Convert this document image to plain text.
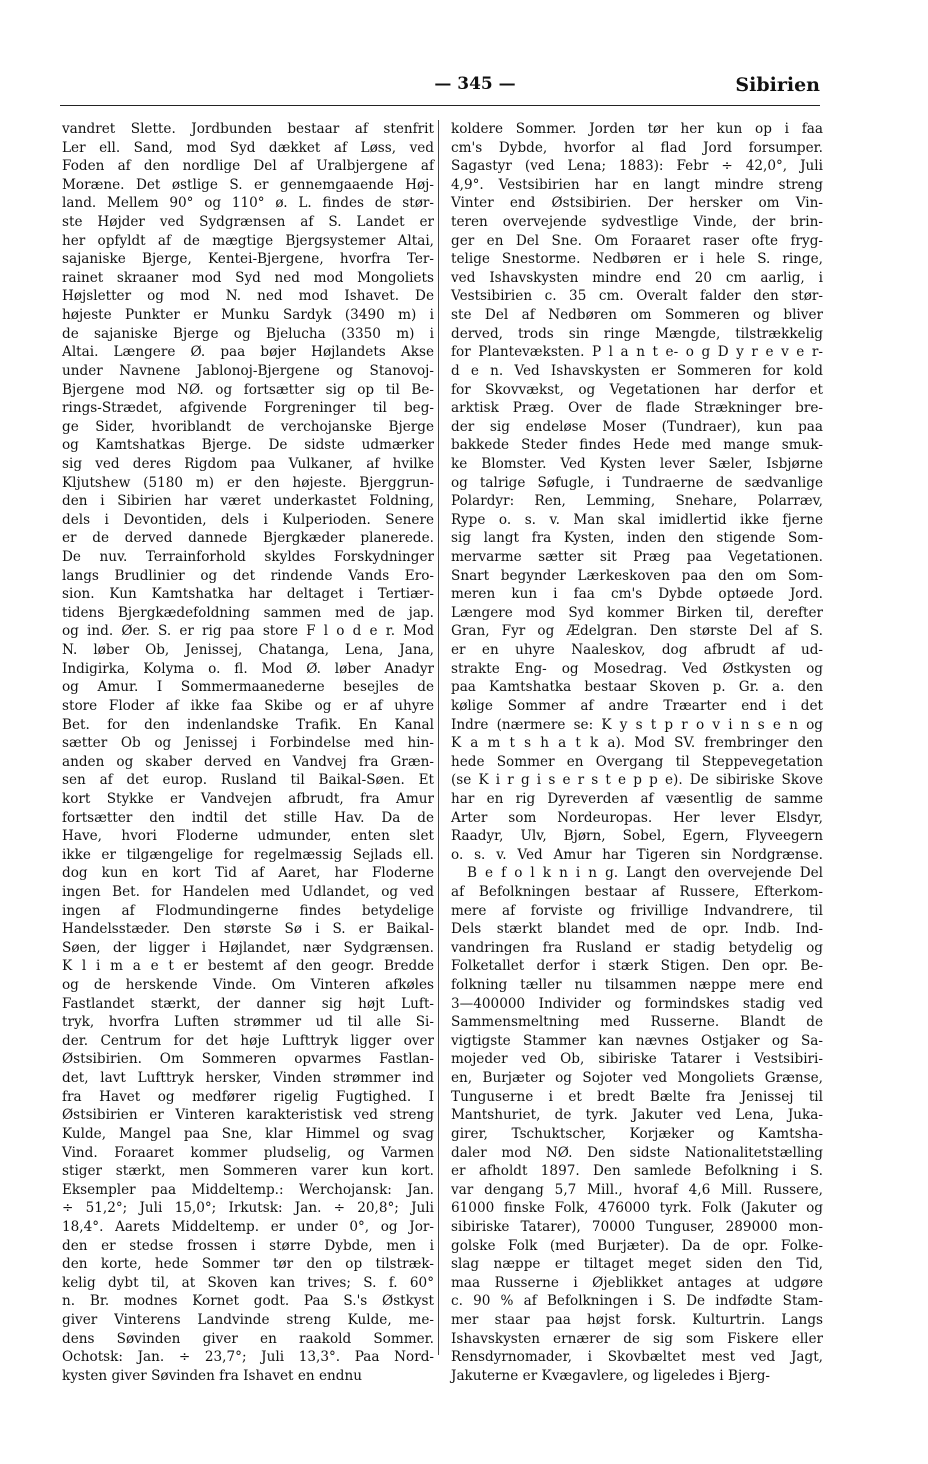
— 345 —	Sibirien
vandret Slette. Jordbunden bestaar af stenfrit
Ler ell. Sand, mod Syd dækket af Løss, ved
Foden af den nordlige Del af Uralbjergene af
Moræne. Det østlige S. er gennemgaaende Høj-
land. Mellem 90° og 110° ø. L. findes de stør-
ste Højder ved Sydgrænsen af S. Landet er
her opfyldt af de mægtige Bjergsystemer Altai,
sajaniske Bjerge, Kentei-Bjergene, hvorfra Ter-
rainet skraaner mod Syd ned mod Mongoliets
Højsletter og mod N. ned mod Ishavet. De
højeste Punkter er Munku Sardyk (3490 m) i
de sajaniske Bjerge og Bjelucha (3350 m) i
Altai. Længere Ø. paa bøjer Højlandets Akse
under Navnene Jablonoj-Bjergene og Stanovoj-
Bjergene mod NØ. og fortsætter sig op til Be-
rings-Strædet, afgivende Forgreninger til beg-
ge Sider, hvoriblandt de verchojanske Bjerge
og Kamtshatkas Bjerge. De sidste udmærker
sig ved deres Rigdom paa Vulkaner, af hvilke
Kljutshew (5180 m) er den højeste. Bjerggrun-
den i Sibirien har været underkastet Foldning,
dels i Devontiden, dels i Kulperioden. Senere
er de derved dannede Bjergkæder planerede.
De nuv. Terrainforhold skyldes Forskydninger
langs Brudlinier og det rindende Vands Ero-
sion. Kun Kamtshatka har deltaget i Tertiær-
tidens Bjergkædefoldning sammen med de jap.
og ind. Øer. S. er rig paa store F l o d e r. Mod
N. løber Ob, Jenissej, Chatanga, Lena, Jana,
Indigirka, Kolyma o. fl. Mod Ø. løber Anadyr
og Amur. I Sommermaanederne besejles de
store Floder af ikke faa Skibe og er af uhyre
Bet. for den indenlandske Trafik. En Kanal
sætter Ob og Jenissej i Forbindelse med hin-
anden og skaber derved en Vandvej fra Græn-
sen af det europ. Rusland til Baikal-Søen. Et
kort Stykke er Vandvejen afbrudt, fra Amur
fortsætter den indtil det stille Hav. Da de
Have, hvori Floderne udmunder, enten slet
ikke er tilgængelige for regelmæssig Sejlads ell.
dog kun en kort Tid af Aaret, har Floderne
ingen Bet. for Handelen med Udlandet, og ved
ingen af Flodmundingerne findes betydelige
Handelsstæder. Den største Sø i S. er Baikal-
Søen, der ligger i Højlandet, nær Sydgrænsen.
K l i m a e t er bestemt af den geogr. Bredde
og de herskende Vinde. Om Vinteren afkøles
Fastlandet stærkt, der danner sig højt Luft-
tryk, hvorfra Luften strømmer ud til alle Si-
der. Centrum for det høje Lufttryk ligger over
Østsibirien. Om Sommeren opvarmes Fastlan-
det, lavt Lufttryk hersker, Vinden strømmer ind
fra Havet og medfører rigelig Fugtighed. I
Østsibirien er Vinteren karakteristisk ved streng
Kulde, Mangel paa Sne, klar Himmel og svag
Vind. Foraaret kommer pludselig, og Varmen
stiger stærkt, men Sommeren varer kun kort.
Eksempler paa Middeltemp.: Werchojansk: Jan.
÷ 51,2°; Juli 15,0°; Irkutsk: Jan. ÷ 20,8°; Juli
18,4°. Aarets Middeltemp. er under 0°, og Jor-
den er stedse frossen i større Dybde, men i
den korte, hede Sommer tør den op tilstræk-
kelig dybt til, at Skoven kan trives; S. f. 60°
n. Br. modnes Kornet godt. Paa S.'s Østkyst
giver Vinterens Landvinde streng Kulde, me-
dens Søvinden giver en raakold Sommer.
Ochotsk: Jan. ÷ 23,7°; Juli 13,3°. Paa Nord-
kysten giver Søvinden fra Ishavet en endnu
koldere Sommer. Jorden tør her kun op i faa
cm's Dybde, hvorfor al flad Jord forsumper.
Sagastyr (ved Lena; 1883): Febr ÷ 42,0°, Juli
4,9°. Vestsibirien har en langt mindre streng
Vinter end Østsibirien. Der hersker om Vin-
teren overvejende sydvestlige Vinde, der brin-
ger en Del Sne. Om Foraaret raser ofte fryg-
telige Snestorme. Nedbøren er i hele S. ringe,
ved Ishavskysten mindre end 20 cm aarlig, i
Vestsibirien c. 35 cm. Overalt falder den stør-
ste Del af Nedbøren om Sommeren og bliver
derved, trods sin ringe Mængde, tilstrækkelig
for Plantevæksten. P l a n t e- o g D y r e v e r-
d e n. Ved Ishavskysten er Sommeren for kold
for Skovvækst, og Vegetationen har derfor et
arktisk Præg. Over de flade Strækninger bre-
der sig endeløse Moser (Tundraer), kun paa
bakkede Steder findes Hede med mange smuk-
ke Blomster. Ved Kysten lever Sæler, Isbjørne
og talrige Søfugle, i Tundraerne de sædvanlige
Polardyr: Ren, Lemming, Snehare, Polarræv,
Rype o. s. v. Man skal imidlertid ikke fjerne
sig langt fra Kysten, inden den stigende Som-
mervarme sætter sit Præg paa Vegetationen.
Snart begynder Lærkeskoven paa den om Som-
meren kun i faa cm's Dybde optøede Jord.
Længere mod Syd kommer Birken til, derefter
Gran, Fyr og Ædelgran. Den største Del af S.
er en uhyre Naaleskov, dog afbrudt af ud-
strakte Eng- og Mosedrag. Ved Østkysten og
paa Kamtshatka bestaar Skoven p. Gr. a. den
kølige Sommer af andre Træarter end i det
Indre (nærmere se: K y s t p r o v i n s e n og
K a m t s h a t k a). Mod SV. frembringer den
hede Sommer en Overgang til Steppevegetation
(se K i r g i s e r s t e p p e). De sibiriske Skove
har en rig Dyreverden af væsentlig de samme
Arter som Nordeuropas. Her lever Elsdyr,
Raadyr, Ulv, Bjørn, Sobel, Egern, Flyveegern
o. s. v. Ved Amur har Tigeren sin Nordgrænse.
B e f o l k n i n g. Langt den overvejende Del
af Befolkningen bestaar af Russere, Efterkom-
mere af forviste og frivillige Indvandrere, til
Dels stærkt blandet med de opr. Indb. Ind-
vandringen fra Rusland er stadig betydelig og
Folketallet derfor i stærk Stigen. Den opr. Be-
folkning tæller nu tilsammen næppe mere end
3—400000 Individer og formindskes stadig ved
Sammensmeltning med Russerne. Blandt de
vigtigste Stammer kan nævnes Ostjaker og Sa-
mojeder ved Ob, sibiriske Tatarer i Vestsibiri-
en, Burjæter og Sojoter ved Mongoliets Grænse,
Tunguserne i et bredt Bælte fra Jenissej til
Mantshuriet, de tyrk. Jakuter ved Lena, Juka-
girer, Tschuktscher, Korjæker og Kamtsha-
daler mod NØ. Den sidste Nationalitetstælling
er afholdt 1897. Den samlede Befolkning i S.
var dengang 5,7 Mill., hvoraf 4,6 Mill. Russere,
61000 finske Folk, 476000 tyrk. Folk (Jakuter og
sibiriske Tatarer), 70000 Tunguser, 289000 mon-
golske Folk (med Burjæter). Da de opr. Folke-
slag næppe er tiltaget meget siden den Tid,
maa Russerne i Øjeblikket antages at udgøre
c. 90 % af Befolkningen i S. De indfødte Stam-
mer staar paa højst forsk. Kulturtrin. Langs
Ishavskysten ernærer de sig som Fiskere eller
Rensdyrnomader, i Skovbæltet mest ved Jagt,
Jakuterne er Kvægavlere, og ligeledes i Bjerg-
